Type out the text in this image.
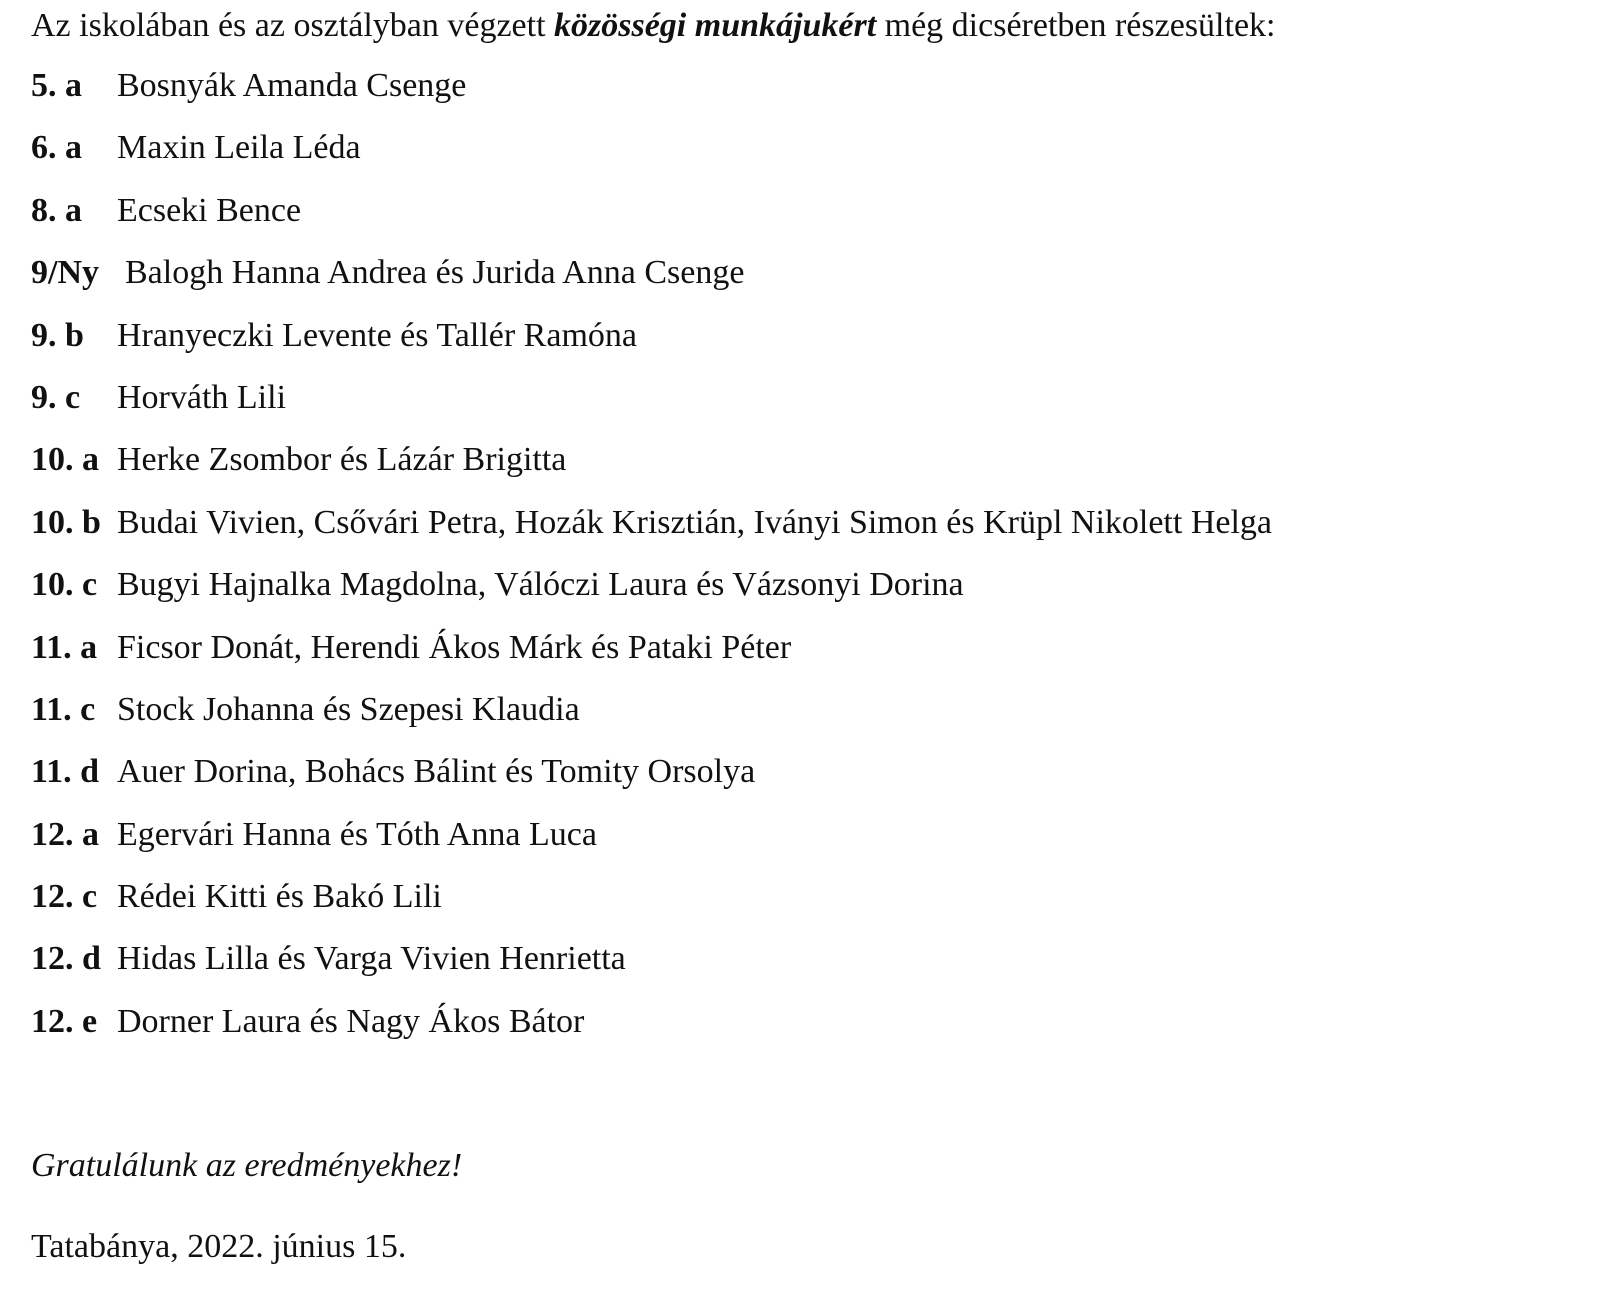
Az iskolában és az osztályban végzett közösségi munkájukért még dicséretben részesültek:
5. a	Bosnyák Amanda Csenge
6. a	Maxin Leila Léda
8. a	Ecseki Bence
9/Ny Balogh Hanna Andrea és Jurida Anna Csenge
9. b Hranyeczki Levente és Tallér Ramóna
9. c	Horváth Lili
10. a Herke Zsombor és Lázár Brigitta
10. b Budai Vivien, Csővári Petra, Hozák Krisztián, Iványi Simon és Krüpl Nikolett Helga
10. c Bugyi Hajnalka Magdolna, Válóczi Laura és Vázsonyi Dorina
11. a Ficsor Donát, Herendi Ákos Márk és Pataki Péter
11. c Stock Johanna és Szepesi Klaudia
11. d Auer Dorina, Bohács Bálint és Tomity Orsolya
12. a Egervári Hanna és Tóth Anna Luca
12. c Rédei Kitti és Bakó Lili
12. d Hidas Lilla és Varga Vivien Henrietta
12. e Dorner Laura és Nagy Ákos Bátor
Gratulálunk az eredményekhez!
Tatabánya, 2022. június 15.
